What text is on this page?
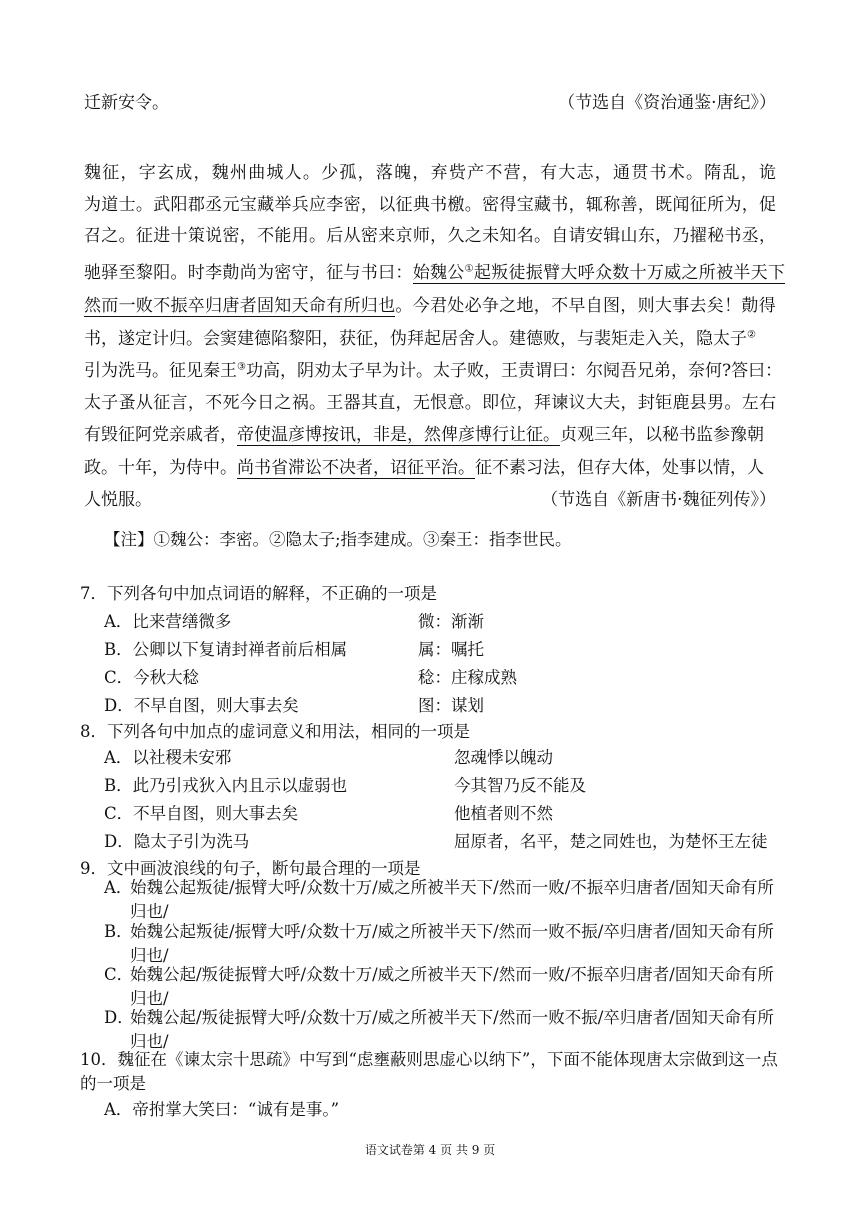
迁新安令。	（节选自《资治通鉴·唐纪》）
魏征，字玄成，魏州曲城人。少孤，落魄，弃赀产不营，有大志，通贯书术。隋乱，诡
为道士。武阳郡丞元宝藏举兵应李密，以征典书檄。密得宝藏书，辄称善，既闻征所为，促
召之。征进十策说密，不能用。后从密来京师，久之未知名。自请安辑山东，乃擢秘书丞，
驰驿至黎阳。时李勣尚为密守，征与书曰：始魏公①起叛徒振臂大呼众数十万威之所被半天下
然而一败不振卒归唐者固知天命有所归也。今君处必争之地，不早自图，则大事去矣！勣得
书，遂定计归。会窦建德陷黎阳，获征，伪拜起居舍人。建德败，与裴矩走入关，隐太子②
引为洗马。征见秦王③功高，阴劝太子早为计。太子败，王责谓曰：尔阋吾兄弟，奈何?答曰：
太子蚤从征言，不死今日之祸。王器其直，无恨意。即位，拜谏议大夫，封钜鹿县男。左右
有毁征阿党亲戚者，帝使温彦博按讯，非是，然俾彦博行让征。贞观三年，以秘书监参豫朝
政。十年，为侍中。尚书省滞讼不决者，诏征平治。征不素习法，但存大体，处事以情，人
人悦服。	（节选自《新唐书·魏征列传》）
【注】①魏公：李密。②隐太子;指李建成。③秦王：指李世民。
7．下列各句中加点词语的解释，不正确的一项是
A．比来营缮微多	微：渐渐
B．公卿以下复请封禅者前后相属	属：嘱托
C．今秋大稔	稔：庄稼成熟
D．不早自图，则大事去矣	图：谋划
8．下列各句中加点的虚词意义和用法，相同的一项是
A．以社稷未安邪	忽魂悸以魄动
B．此乃引戎狄入内且示以虚弱也	今其智乃反不能及
C．不早自图，则大事去矣	他植者则不然
D．隐太子引为洗马	屈原者，名平，楚之同姓也，为楚怀王左徒
9．文中画波浪线的句子，断句最合理的一项是
A．
始魏公起叛徒/振臂大呼/众数十万/威之所被半天下/然而一败/不振卒归唐者/固知天命有所归也/
B．
始魏公起叛徒/振臂大呼/众数十万/威之所被半天下/然而一败不振/卒归唐者/固知天命有所归也/
C．
始魏公起/叛徒振臂大呼/众数十万/威之所被半天下/然而一败/不振卒归唐者/固知天命有所归也/
D．
始魏公起/叛徒振臂大呼/众数十万/威之所被半天下/然而一败不振/卒归唐者/固知天命有所归也/
10．魏征在《谏太宗十思疏》中写到“虑壅蔽则思虚心以纳下”，下面不能体现唐太宗做到这一点的一项是
A．帝拊掌大笑曰：“诚有是事。”
语文试卷第 4 页 共 9 页
